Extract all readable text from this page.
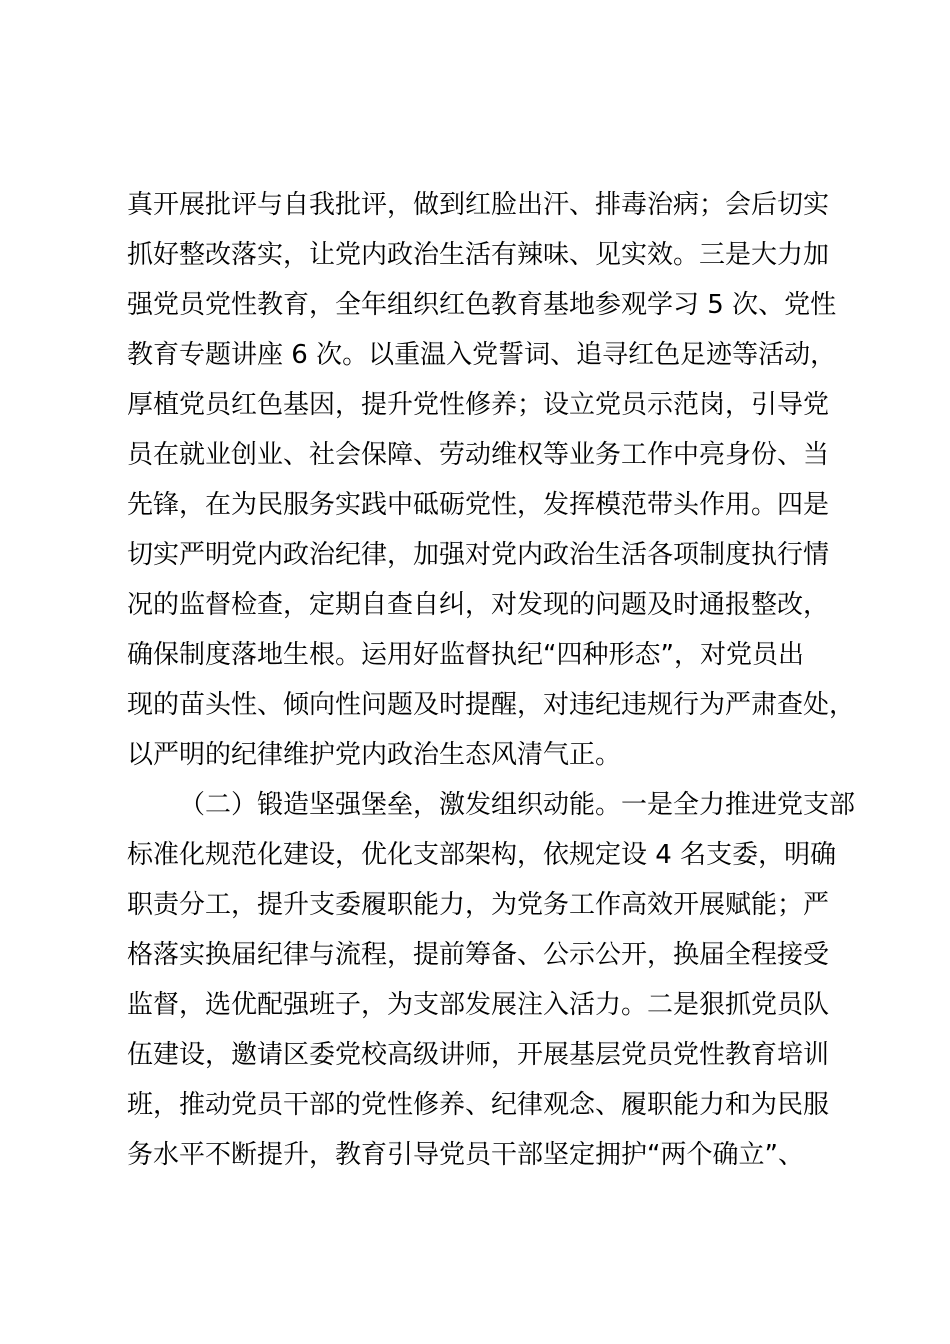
真开展批评与自我批评，做到红脸出汗、排毒治病；会后切实
抓好整改落实，让党内政治生活有辣味、见实效。三是大力加
强党员党性教育，全年组织红色教育基地参观学习 5 次、党性
教育专题讲座 6 次。以重温入党誓词、追寻红色足迹等活动，
厚植党员红色基因，提升党性修养；设立党员示范岗，引导党
员在就业创业、社会保障、劳动维权等业务工作中亮身份、当
先锋，在为民服务实践中砥砺党性，发挥模范带头作用。四是
切实严明党内政治纪律，加强对党内政治生活各项制度执行情
况的监督检查，定期自查自纠，对发现的问题及时通报整改，
确保制度落地生根。运用好监督执纪“四种形态”，对党员出
现的苗头性、倾向性问题及时提醒，对违纪违规行为严肃查处，
以严明的纪律维护党内政治生态风清气正。
（二）锻造坚强堡垒，激发组织动能。一是全力推进党支部
标准化规范化建设，优化支部架构，依规定设 4 名支委，明确
职责分工，提升支委履职能力，为党务工作高效开展赋能；严
格落实换届纪律与流程，提前筹备、公示公开，换届全程接受
监督，选优配强班子，为支部发展注入活力。二是狠抓党员队
伍建设，邀请区委党校高级讲师，开展基层党员党性教育培训
班，推动党员干部的党性修养、纪律观念、履职能力和为民服
务水平不断提升，教育引导党员干部坚定拥护“两个确立”、
